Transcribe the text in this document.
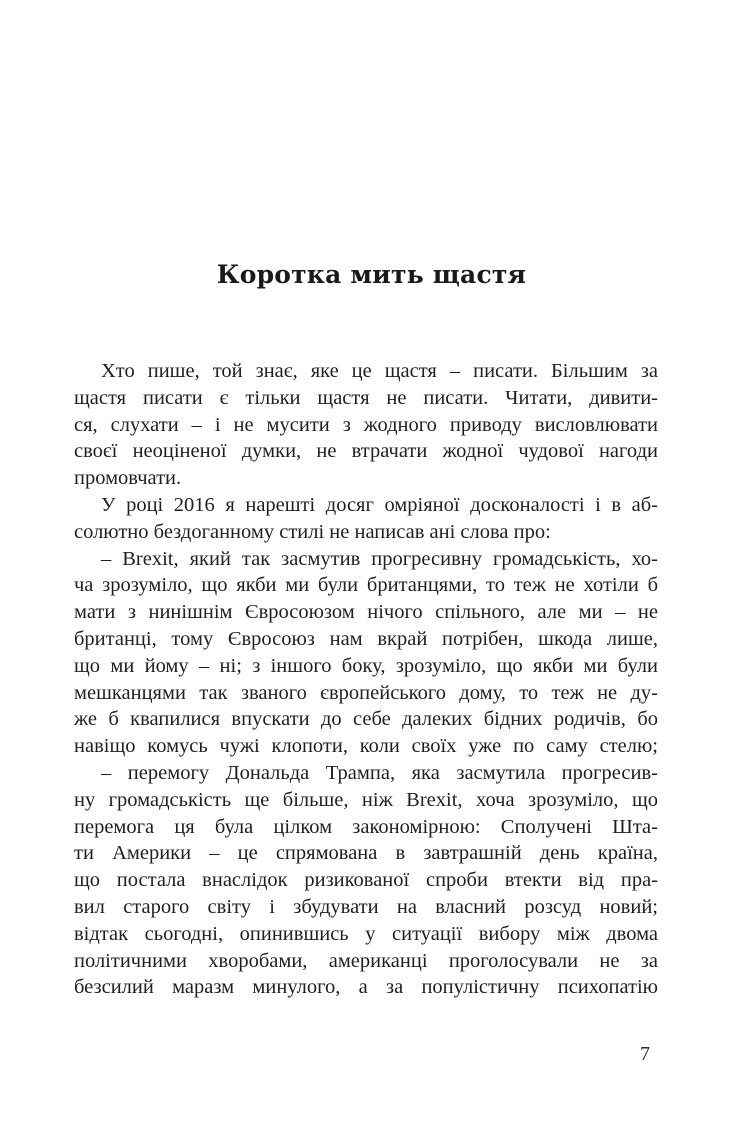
Коротка мить щастя
Хто пише, той знає, яке це щастя – писати. Більшим за
щастя писати є тільки щастя не писати. Читати, дивити-
ся, слухати – і не мусити з жодного приводу висловлювати
своєї неоціненої думки, не втрачати жодної чудової нагоди
промовчати.
У році 2016 я нарешті досяг омріяної досконалості і в аб-
солютно бездоганному стилі не написав ані слова про:
– Brexit, який так засмутив прогресивну громадськість, хо-
ча зрозуміло, що якби ми були британцями, то теж не хотіли б
мати з нинішнім Євросоюзом нічого спільного, але ми – не
британці, тому Євросоюз нам вкрай потрібен, шкода лише,
що ми йому – ні; з іншого боку, зрозуміло, що якби ми були
мешканцями так званого європейського дому, то теж не ду-
же б квапилися впускати до себе далеких бідних родичів, бо
навіщо комусь чужі клопоти, коли своїх уже по саму стелю;
– перемогу Дональда Трампа, яка засмутила прогресив-
ну громадськість ще більше, ніж Brexit, хоча зрозуміло, що
перемога ця була цілком закономірною: Сполучені Шта-
ти Америки – це спрямована в завтрашній день країна,
що постала внаслідок ризикованої спроби втекти від пра-
вил старого світу і збудувати на власний розсуд новий;
відтак сьогодні, опинившись у ситуації вибору між двома
політичними хворобами, американці проголосували не за
безсилий маразм минулого, а за популістичну психопатію
7
